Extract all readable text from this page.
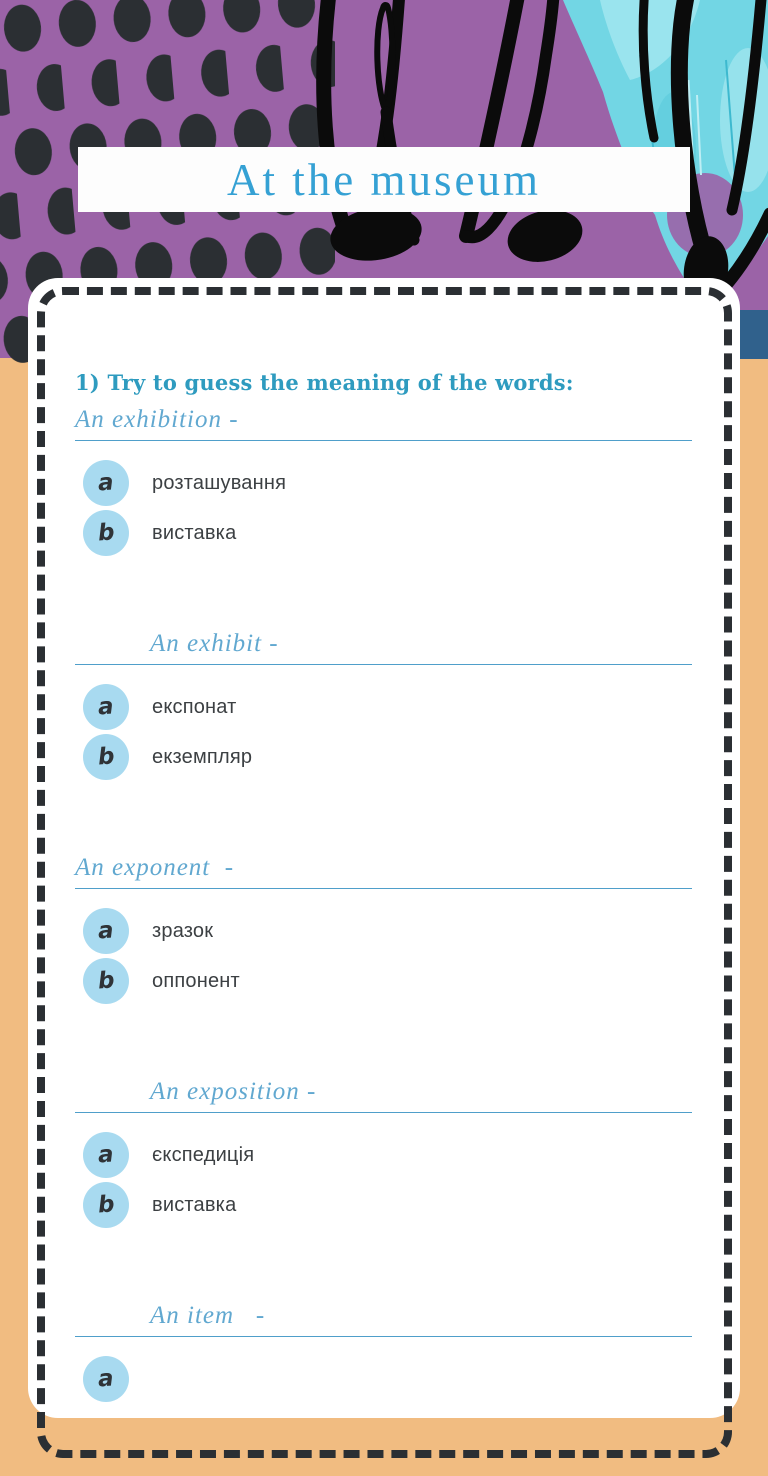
At the museum
1) Try to guess the meaning of the words:
An exhibition -
a розташування
b виставка
An exhibit -
a експонат
b екземпляр
An exponent  -
a зразок
b оппонент
An exposition -
a єкспедиція
b виставка
An item   -
a
